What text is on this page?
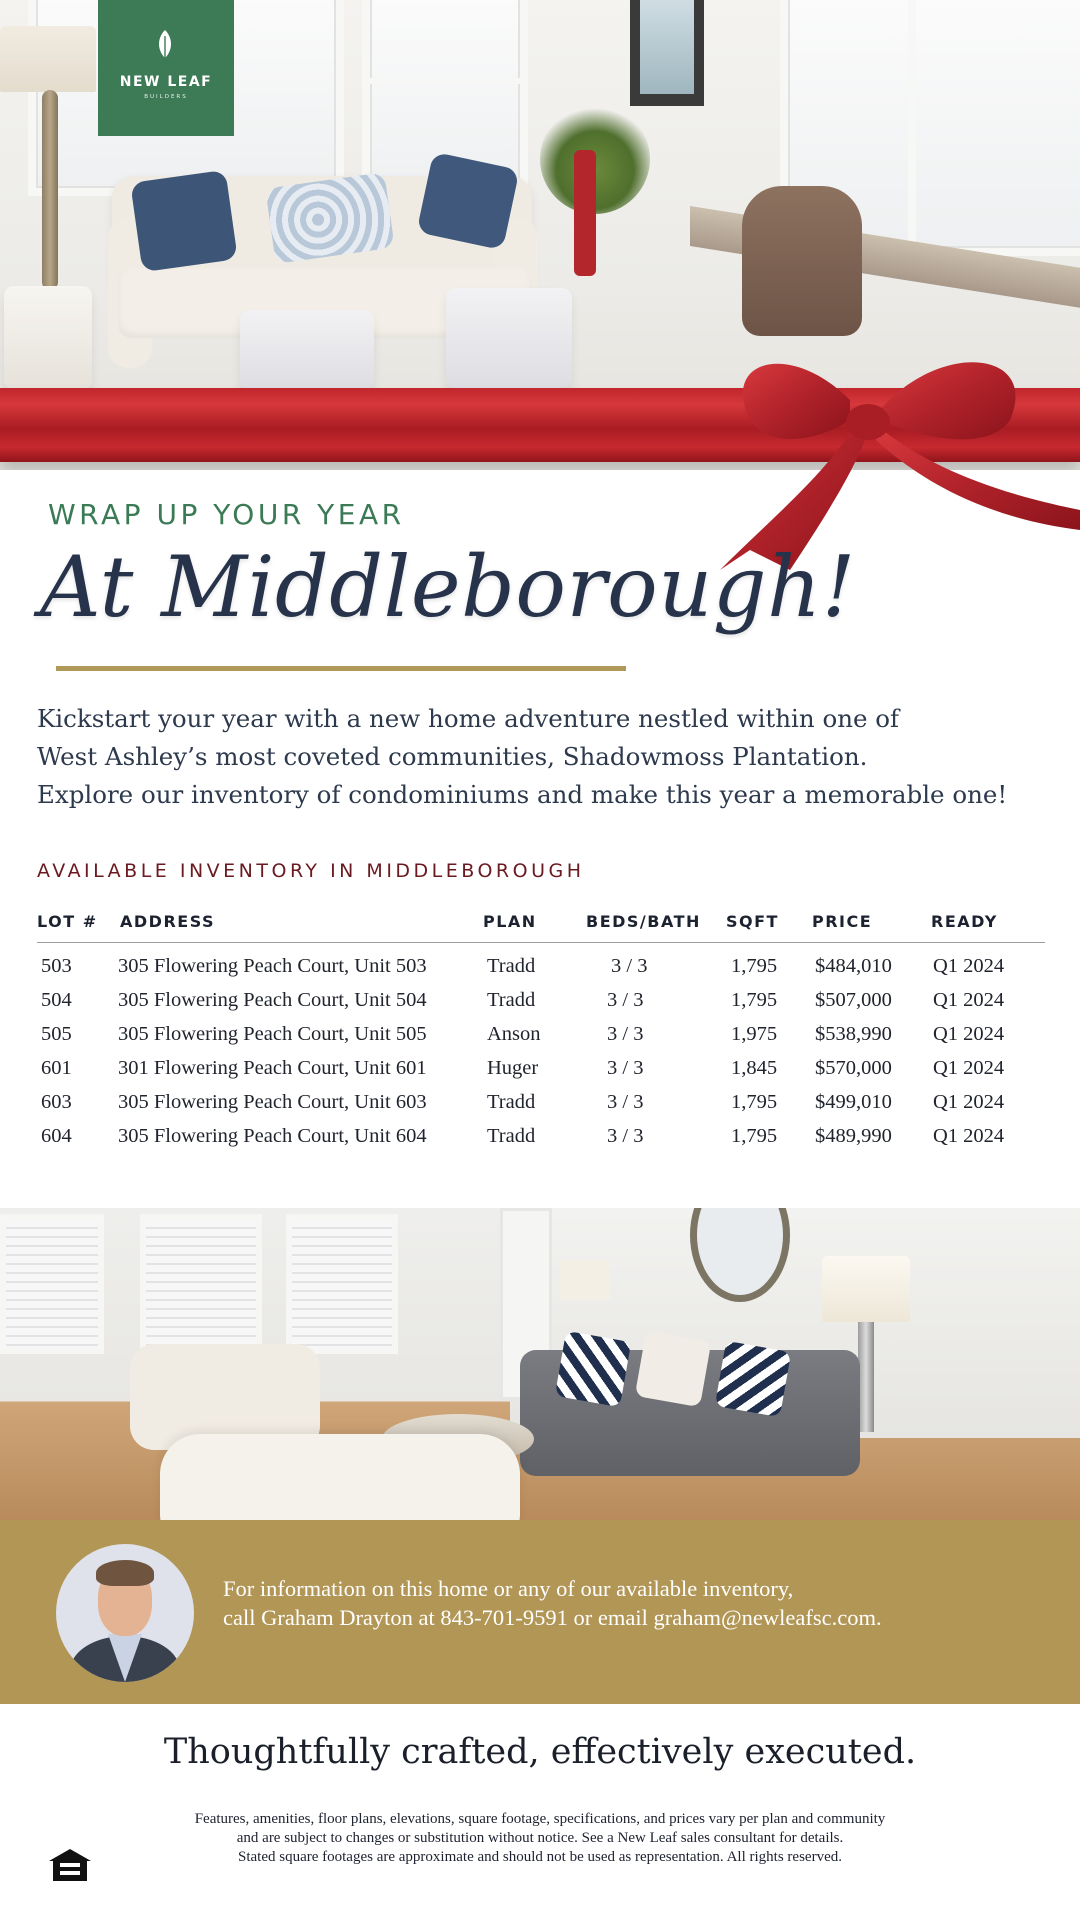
NEW LEAF
BUILDERS
WRAP UP YOUR YEAR
At Middleborough!
Kickstart your year with a new home adventure nestled within one of
West Ashley’s most coveted communities, Shadowmoss Plantation.
Explore our inventory of condominiums and make this year a memorable one!
AVAILABLE INVENTORY IN MIDDLEBOROUGH
LOT # ADDRESS	PLAN	BEDS/BATH SQFT PRICE	READY
503 305 Flowering Peach Court, Unit 503	Tradd	3 / 3	1,795 $484,010 Q1 2024
504 305 Flowering Peach Court, Unit 504	Tradd	3 / 3	1,795 $507,000 Q1 2024
505 305 Flowering Peach Court, Unit 505	Anson	3 / 3	1,975 $538,990 Q1 2024
601 301 Flowering Peach Court, Unit 601	Huger	3 / 3	1,845 $570,000 Q1 2024
603 305 Flowering Peach Court, Unit 603	Tradd	3 / 3	1,795 $499,010 Q1 2024
604 305 Flowering Peach Court, Unit 604	Tradd	3 / 3	1,795 $489,990 Q1 2024
For information on this home or any of our available inventory,
call Graham Drayton at 843-701-9591 or email graham@newleafsc.com.
Thoughtfully crafted, effectively executed.
Features, amenities, floor plans, elevations, square footage, specifications, and prices vary per plan and community
and are subject to changes or substitution without notice. See a New Leaf sales consultant for details.
Stated square footages are approximate and should not be used as representation. All rights reserved.
